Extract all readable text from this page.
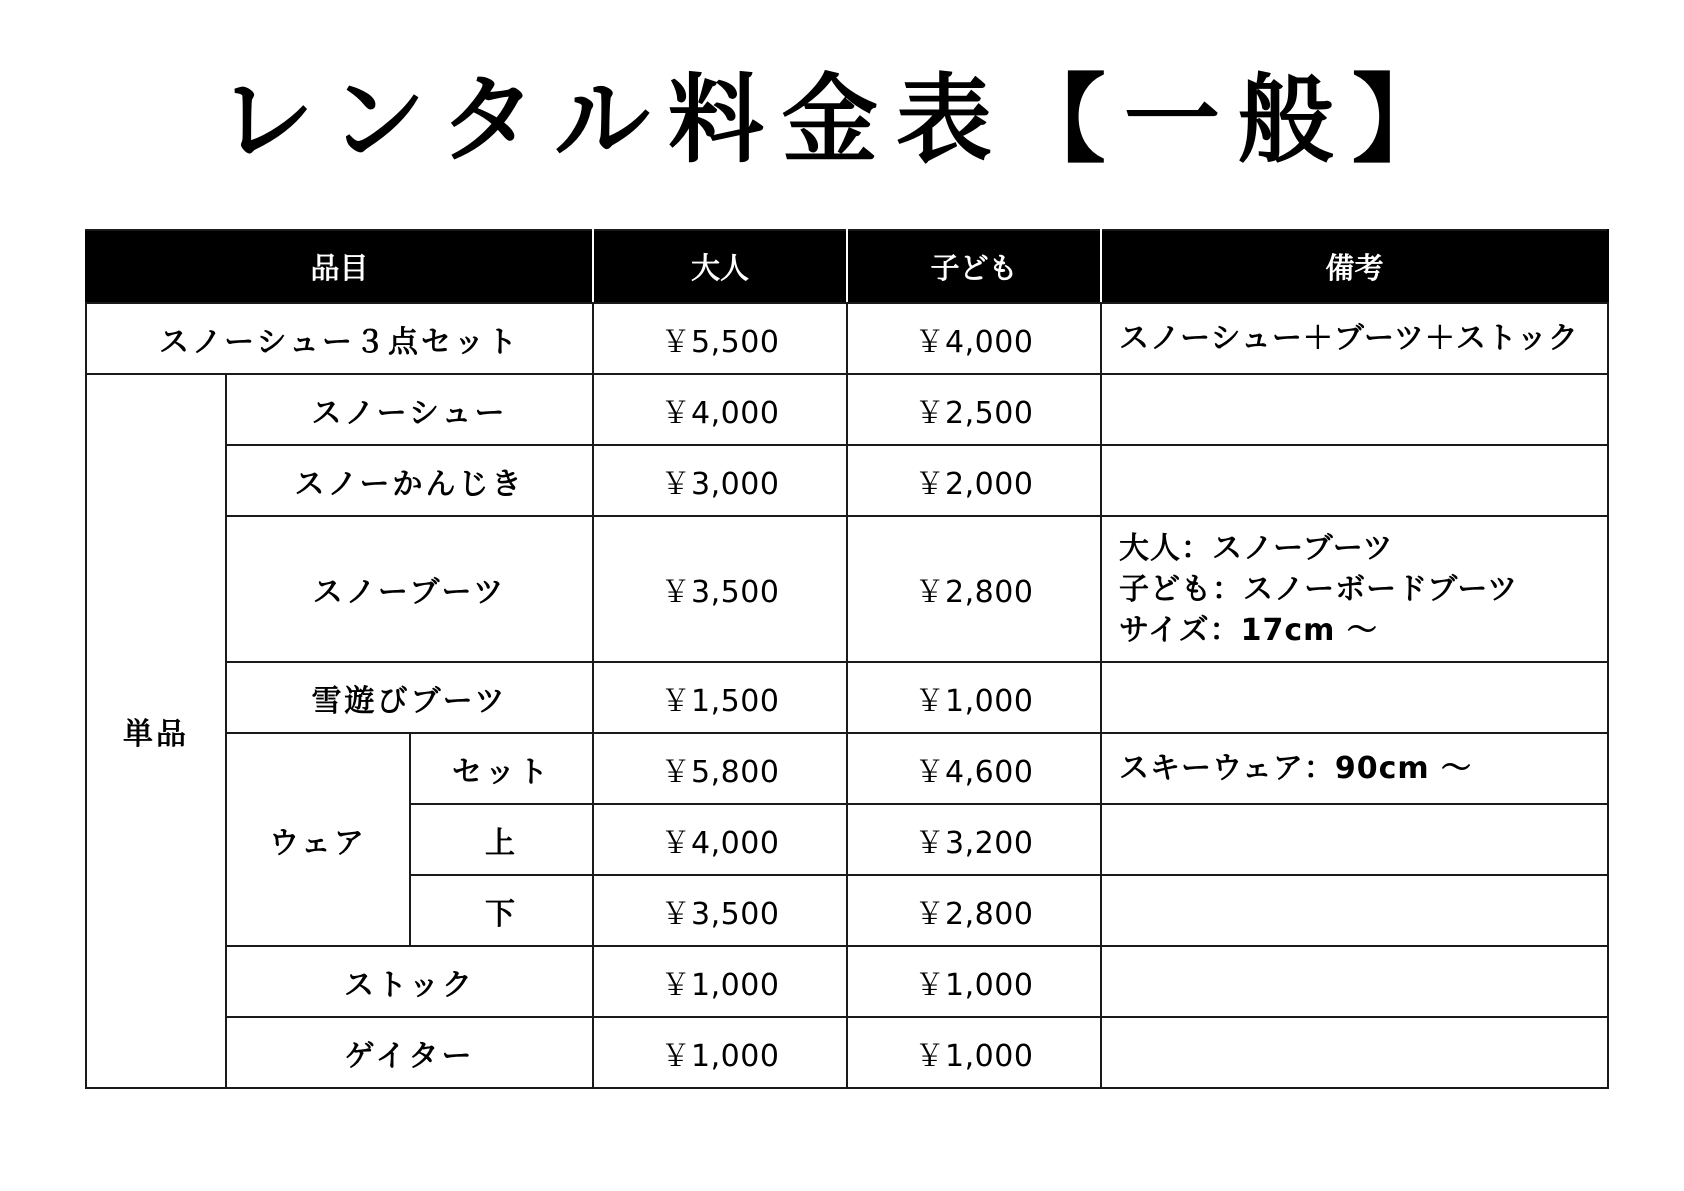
レンタル料金表【一般】
品目			大人	子ども	備考
スノーシュー３点セット			￥5,500	￥4,000	スノーシュー＋ブーツ＋ストック
単品	スノーシュー		￥4,000	￥2,500	
	スノーかんじき		￥3,000	￥2,000	
	スノーブーツ		￥3,500	￥2,800	大人：スノーブーツ
子ども：スノーボードブーツ
サイズ：17cm 〜

	雪遊びブーツ		￥1,500	￥1,000	
	ウェア	セット	￥5,800	￥4,600	スキーウェア：90cm 〜
		上	￥4,000	￥3,200	
		下	￥3,500	￥2,800	
	ストック		￥1,000	￥1,000	
	ゲイター		￥1,000	￥1,000	
